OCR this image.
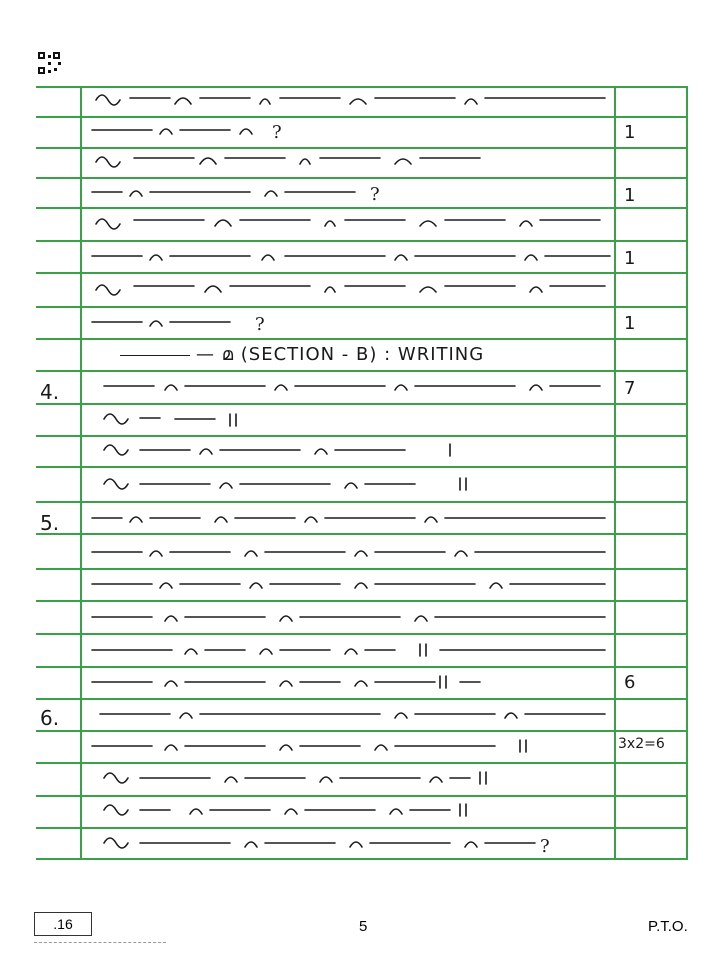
?
?
?
?
— മ (SECTION - B) : WRITING
4.
5.
6.
1
1
1
1
7
6
3x2=6
.16	5	P.T.O.
